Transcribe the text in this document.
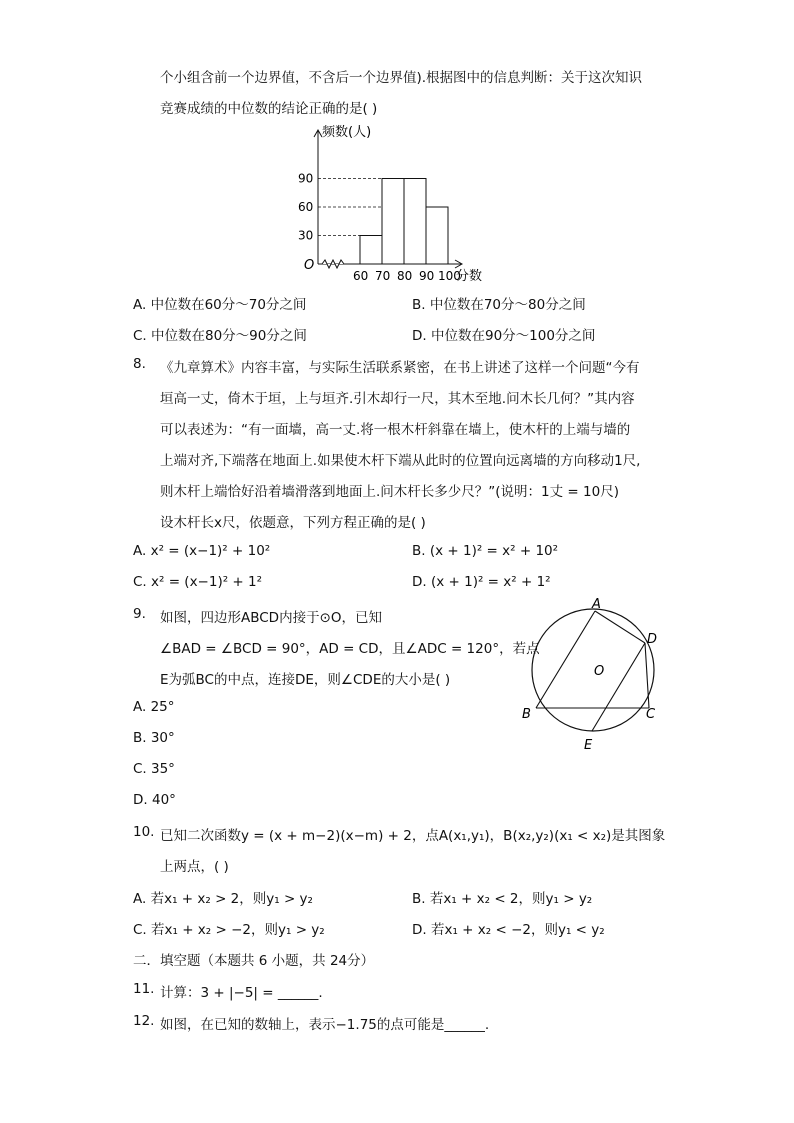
个小组含前一个边界值，不含后一个边界值).根据图中的信息判断：关于这次知识
竞赛成绩的中位数的结论正确的是( )
O
频数(人)
分数
30
60
90
60 70 80 90 100
A. 中位数在60分～70分之间	B. 中位数在70分～80分之间
C. 中位数在80分～90分之间	D. 中位数在90分～100分之间
8. 《九章算术》内容丰富，与实际生活联系紧密，在书上讲述了这样一个问题“今有
垣高一丈，倚木于垣，上与垣齐.引木却行一尺，其木至地.问木长几何？”其内容
可以表述为：“有一面墙，高一丈.将一根木杆斜靠在墙上，使木杆的上端与墙的
上端对齐,下端落在地面上.如果使木杆下端从此时的位置向远离墙的方向移动1尺,
则木杆上端恰好沿着墙滑落到地面上.问木杆长多少尺？”(说明：1丈 = 10尺)
设木杆长x尺，依题意，下列方程正确的是( )
A. x² = (x−1)² + 10²	B. (x + 1)² = x² + 10²
C. x² = (x−1)² + 1²	D. (x + 1)² = x² + 1²
9. 如图，四边形ABCD内接于⊙O，已知
∠BAD = ∠BCD = 90°，AD = CD，且∠ADC = 120°，若点
E为弧BC的中点，连接DE，则∠CDE的大小是( )
A. 25°
B. 30°
C. 35°
D. 40°
A
D
O
B	C
E
10. 已知二次函数y = (x + m−2)(x−m) + 2，点A(x₁,y₁)，B(x₂,y₂)(x₁ < x₂)是其图象
上两点，( )
A. 若x₁ + x₂ > 2，则y₁ > y₂	B. 若x₁ + x₂ < 2，则y₁ > y₂
C. 若x₁ + x₂ > −2，则y₁ > y₂	D. 若x₁ + x₂ < −2，则y₁ < y₂
二．填空题（本题共 6 小题，共 24分）
11. 计算：3 + |−5| = ______.
12. 如图，在已知的数轴上，表示−1.75的点可能是______.
